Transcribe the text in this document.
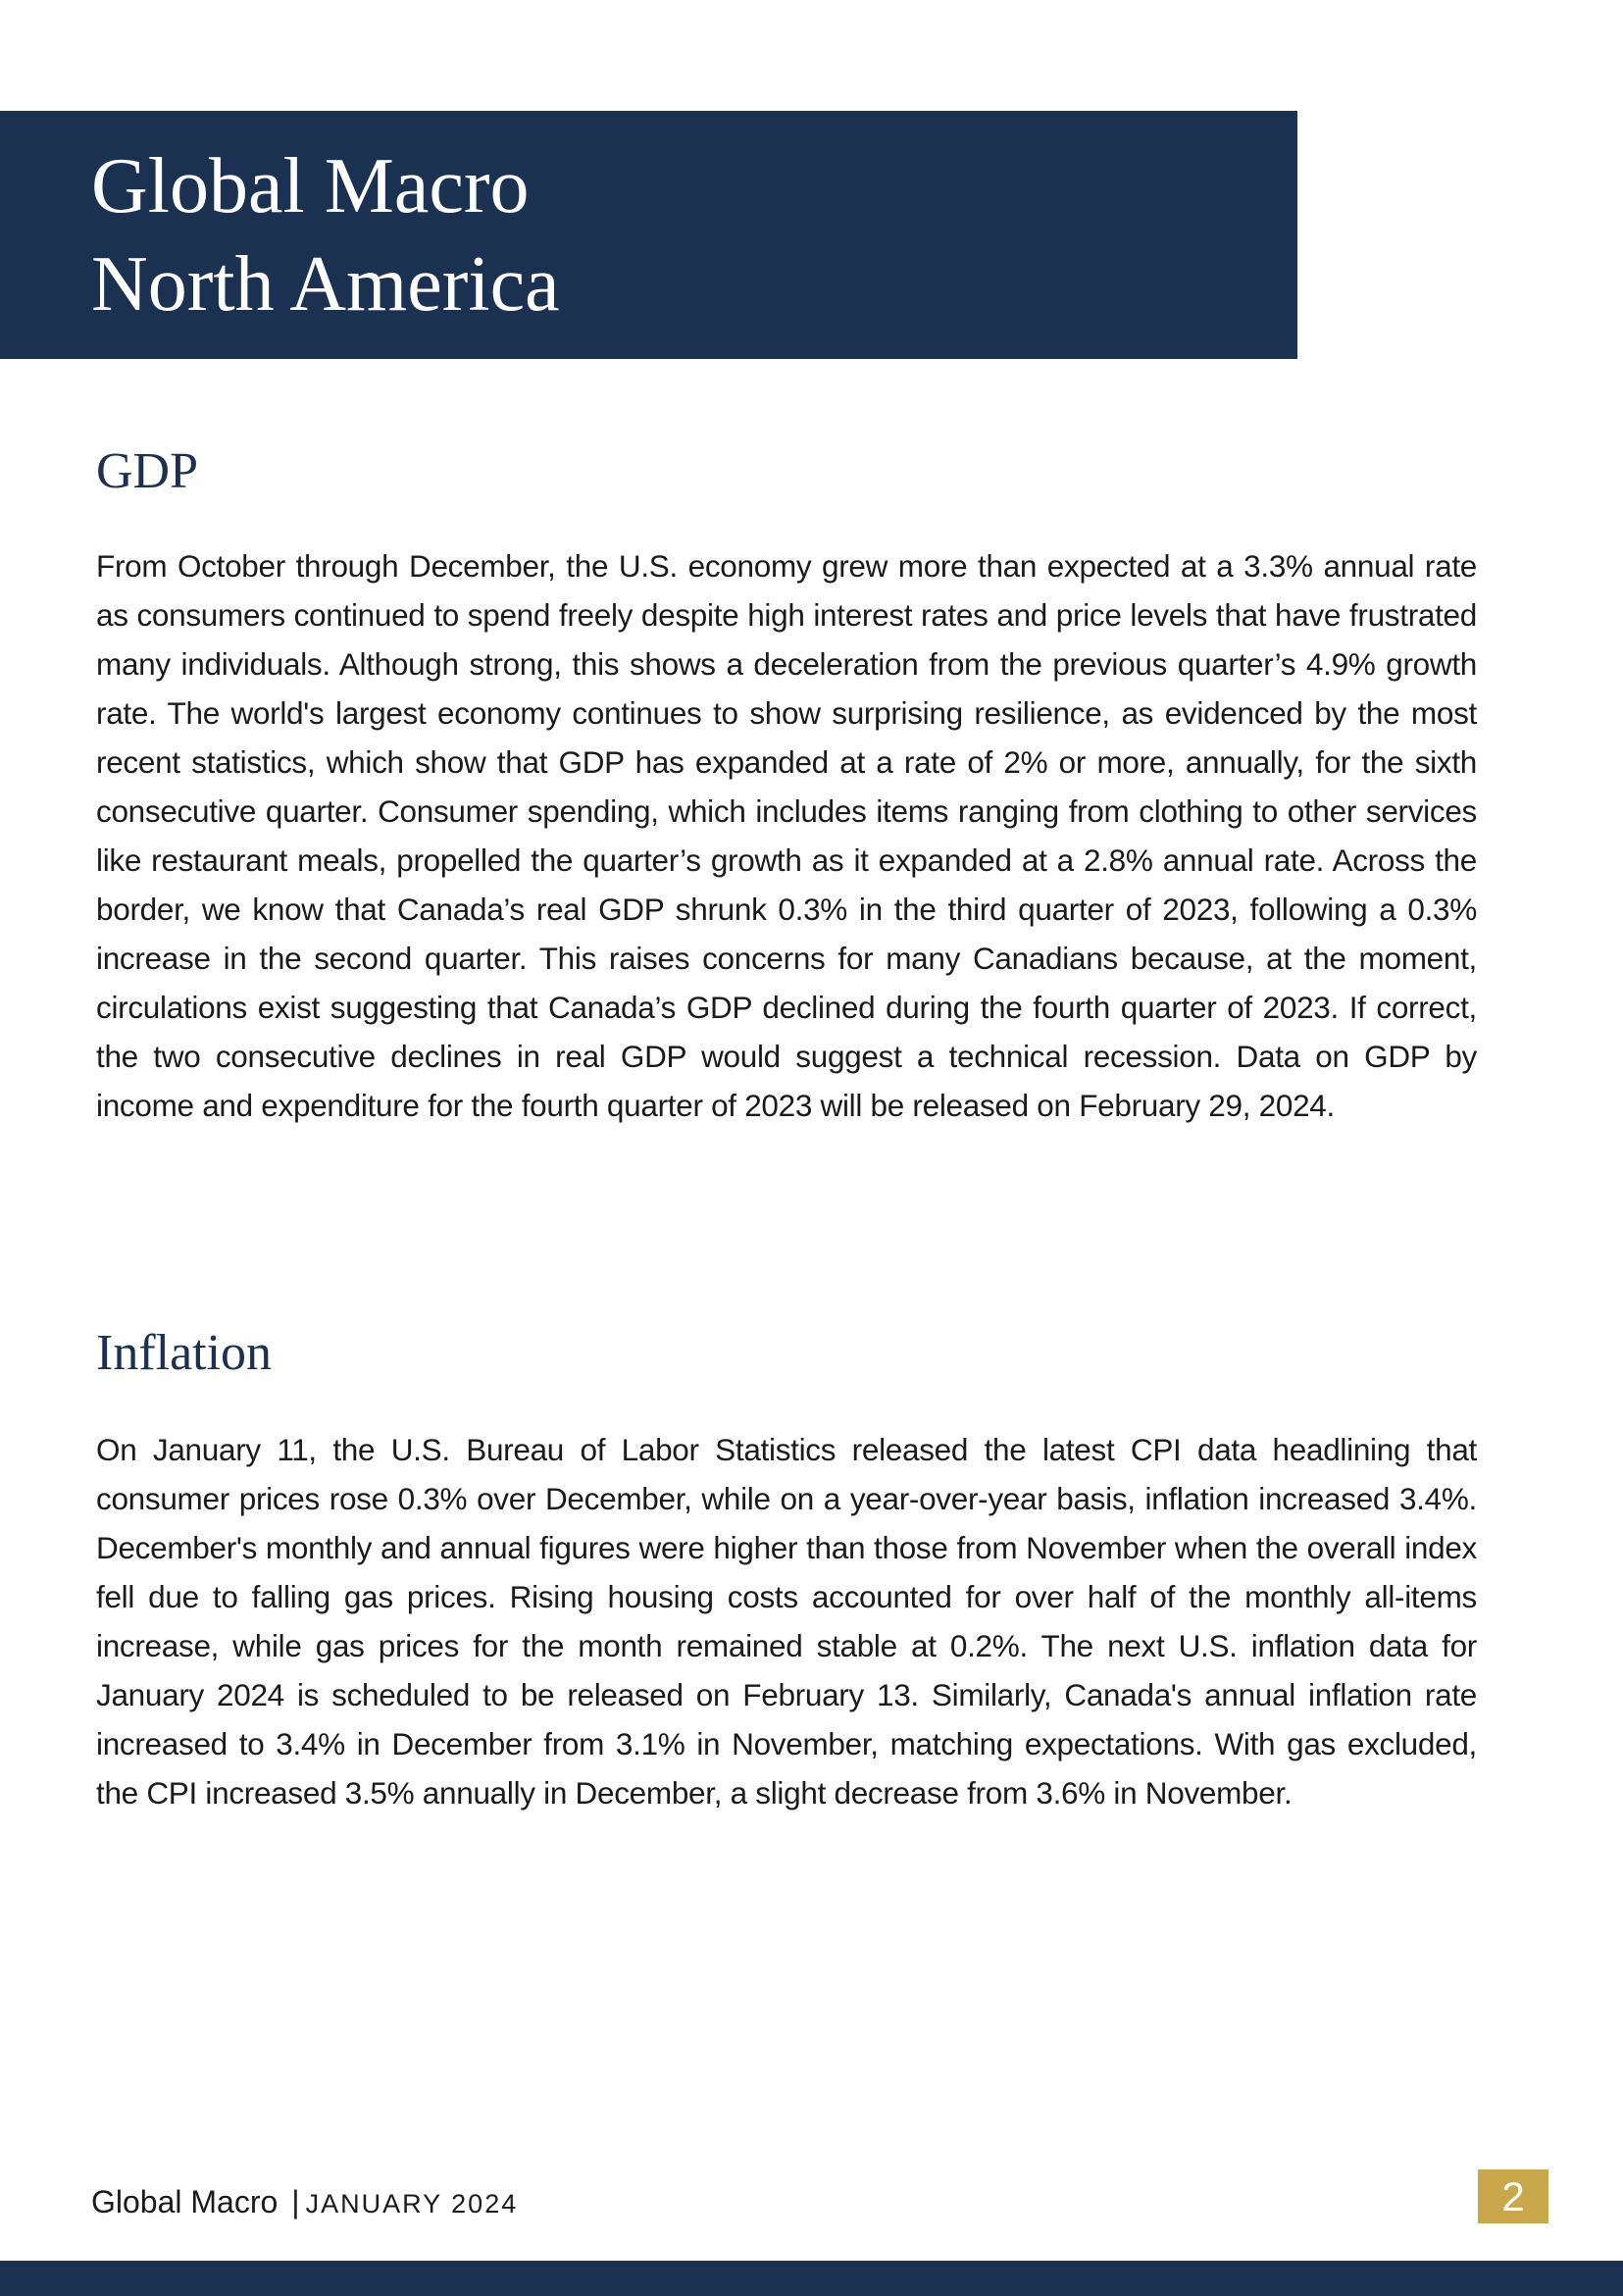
Global Macro
North America
GDP
From October through December, the U.S. economy grew more than expected at a 3.3% annual rate as consumers continued to spend freely despite high interest rates and price levels that have frustrated many individuals. Although strong, this shows a deceleration from the previous quarter’s 4.9% growth rate. The world's largest economy continues to show surprising resilience, as evidenced by the most recent statistics, which show that GDP has expanded at a rate of 2% or more, annually, for the sixth consecutive quarter. Consumer spending, which includes items ranging from clothing to other services like restaurant meals, propelled the quarter’s growth as it expanded at a 2.8% annual rate. Across the border, we know that Canada’s real GDP shrunk 0.3% in the third quarter of 2023, following a 0.3% increase in the second quarter. This raises concerns for many Canadians because, at the moment, circulations exist suggesting that Canada’s GDP declined during the fourth quarter of 2023. If correct, the two consecutive declines in real GDP would suggest a technical recession. Data on GDP by income and expenditure for the fourth quarter of 2023 will be released on February 29, 2024.
Inflation
On January 11, the U.S. Bureau of Labor Statistics released the latest CPI data headlining that consumer prices rose 0.3% over December, while on a year-over-year basis, inflation increased 3.4%. December's monthly and annual figures were higher than those from November when the overall index fell due to falling gas prices. Rising housing costs accounted for over half of the monthly all-items increase, while gas prices for the month remained stable at 0.2%. The next U.S. inflation data for January 2024 is scheduled to be released on February 13. Similarly, Canada's annual inflation rate increased to 3.4% in December from 3.1% in November, matching expectations. With gas excluded, the CPI increased 3.5% annually in December, a slight decrease from 3.6% in November.
Global Macro | JANUARY 2024	2
